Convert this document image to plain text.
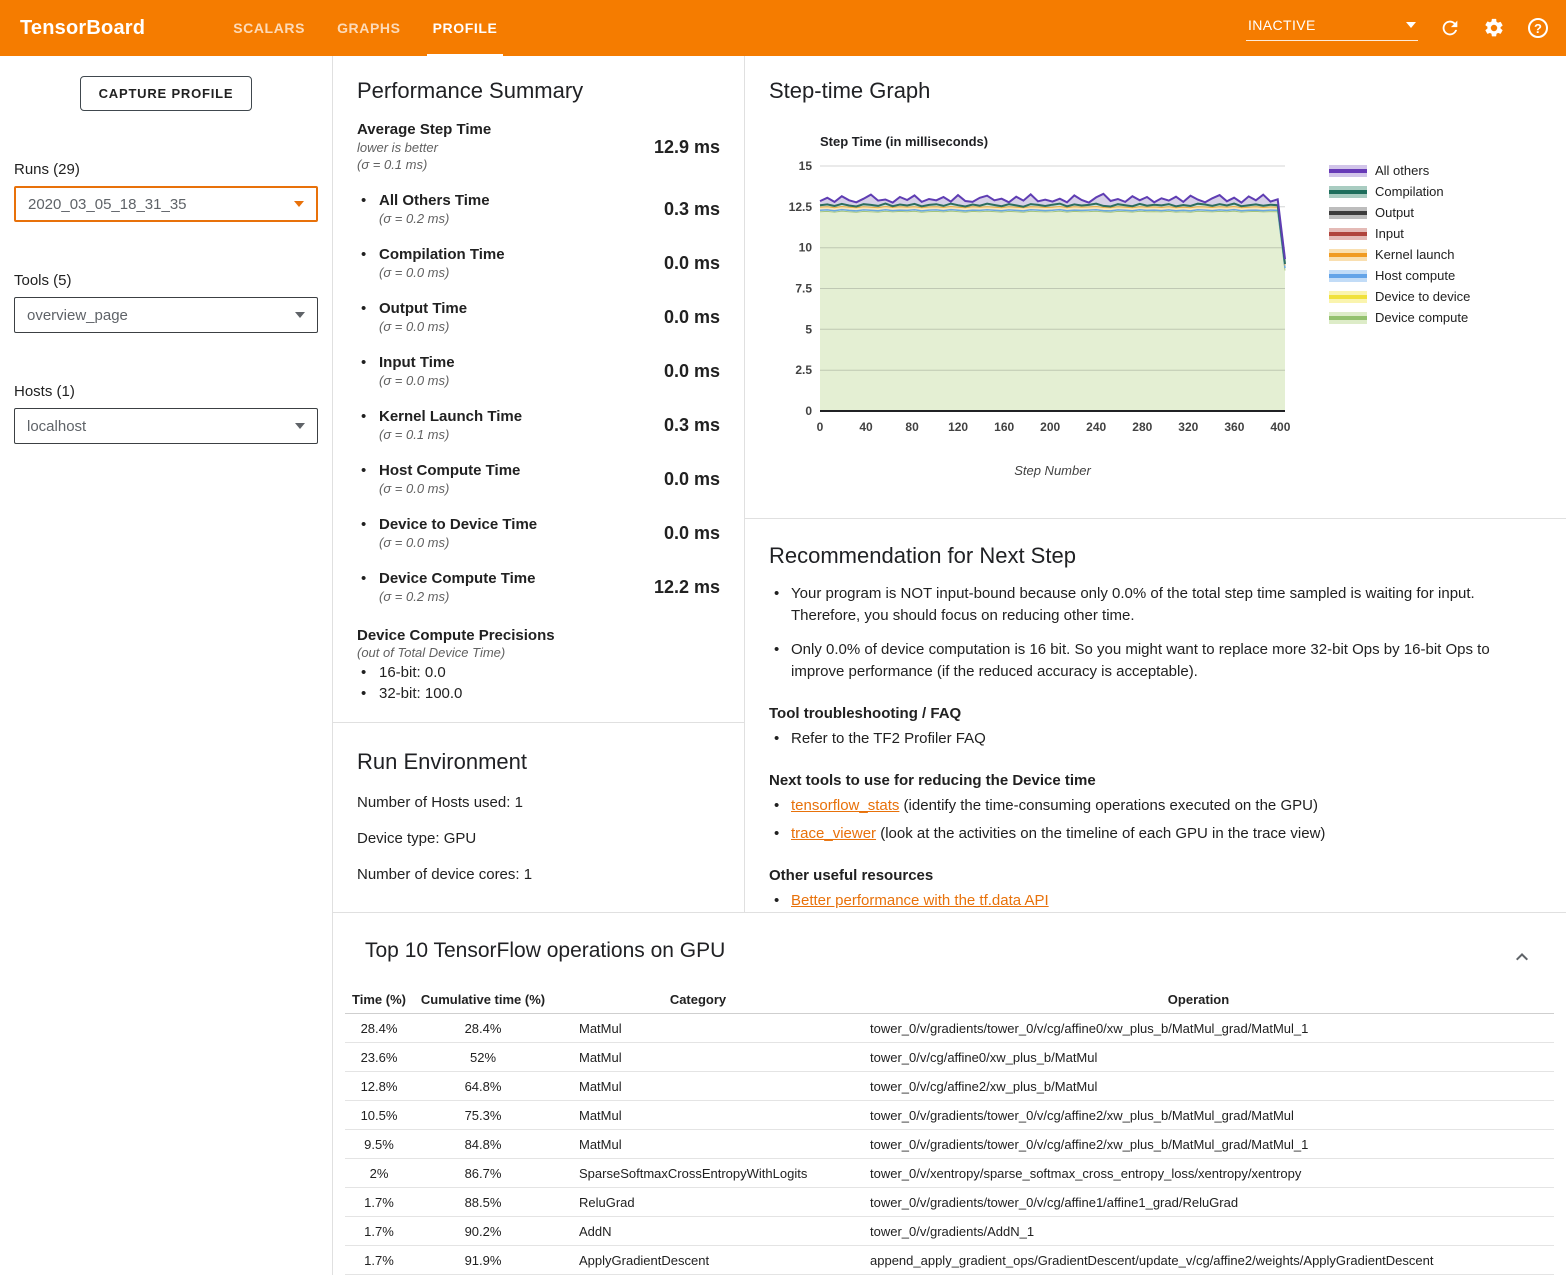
TensorBoard	SCALARS	GRAPHS	PROFILE	INACTIVE	?
CAPTURE PROFILE
Runs (29)
2020_03_05_18_31_35
Tools (5)
overview_page
Hosts (1)
localhost
Performance Summary
Average Step Time
lower is better
(σ = 0.1 ms)
12.9 ms
• All Others Time
(σ = 0.2 ms)	0.3 ms
• Compilation Time
(σ = 0.0 ms)	0.0 ms
• Output Time
(σ = 0.0 ms)	0.0 ms
• Input Time
(σ = 0.0 ms)	0.0 ms
• Kernel Launch Time
(σ = 0.1 ms)	0.3 ms
• Host Compute Time
(σ = 0.0 ms)	0.0 ms
• Device to Device Time
(σ = 0.0 ms)	0.0 ms
• Device Compute Time
(σ = 0.2 ms)	12.2 ms
Device Compute Precisions
(out of Total Device Time)
• 16-bit: 0.0
• 32-bit: 100.0
Run Environment
Number of Hosts used: 1
Device type: GPU
Number of device cores: 1
Step-time Graph
Step Time (in milliseconds)
0
2.5
5
7.5
10
12.5
15
0	40	80 120 160 200 240 280 320 360 400
Step Number
All others
Compilation
Output
Input
Kernel launch
Host compute
Device to device
Device compute
Recommendation for Next Step
• Your program is NOT input-bound because only 0.0% of the total step time sampled is waiting for input. Therefore, you should focus on reducing other time.
• Only 0.0% of device computation is 16 bit. So you might want to replace more 32-bit Ops by 16-bit Ops to improve performance (if the reduced accuracy is acceptable).
Tool troubleshooting / FAQ
• Refer to the TF2 Profiler FAQ
Next tools to use for reducing the Device time
• tensorflow_stats (identify the time-consuming operations executed on the GPU)
• trace_viewer (look at the activities on the timeline of each GPU in the trace view)
Other useful resources
• Better performance with the tf.data API
Top 10 TensorFlow operations on GPU
Time (%)	Cumulative time (%)	Category	Operation
28.4%	28.4%	MatMul	tower_0/v/gradients/tower_0/v/cg/affine0/xw_plus_b/MatMul_grad/MatMul_1
23.6%	52%	MatMul	tower_0/v/cg/affine0/xw_plus_b/MatMul
12.8%	64.8%	MatMul	tower_0/v/cg/affine2/xw_plus_b/MatMul
10.5%	75.3%	MatMul	tower_0/v/gradients/tower_0/v/cg/affine2/xw_plus_b/MatMul_grad/MatMul
9.5%	84.8%	MatMul	tower_0/v/gradients/tower_0/v/cg/affine2/xw_plus_b/MatMul_grad/MatMul_1
2%	86.7%	SparseSoftmaxCrossEntropyWithLogits	tower_0/v/xentropy/sparse_softmax_cross_entropy_loss/xentropy/xentropy
1.7%	88.5%	ReluGrad	tower_0/v/gradients/tower_0/v/cg/affine1/affine1_grad/ReluGrad
1.7%	90.2%	AddN	tower_0/v/gradients/AddN_1
1.7%	91.9%	ApplyGradientDescent	append_apply_gradient_ops/GradientDescent/update_v/cg/affine2/weights/ApplyGradientDescent
